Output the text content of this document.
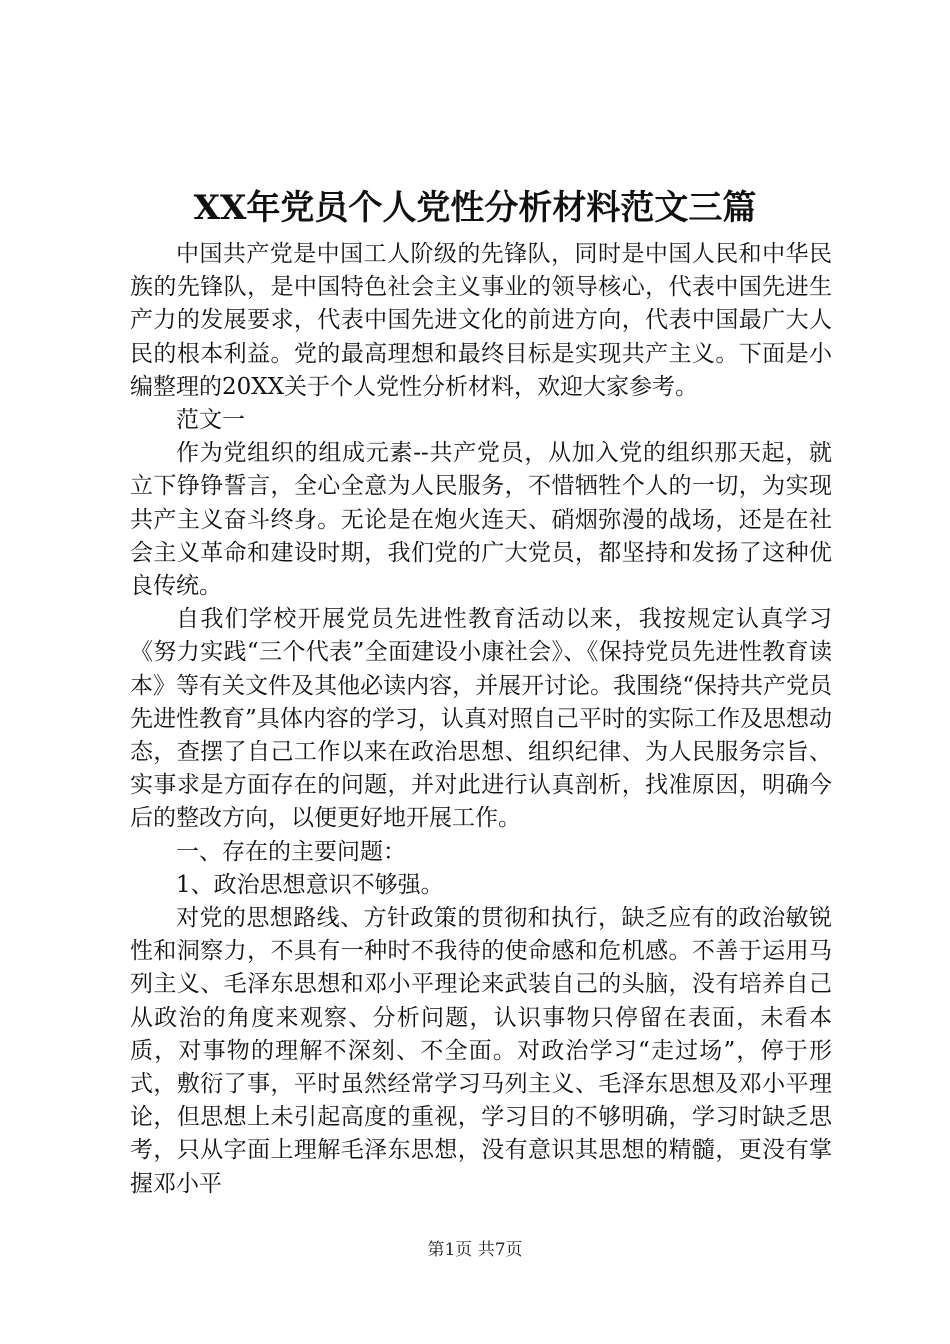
XX年党员个人党性分析材料范文三篇

中国共产党是中国工人阶级的先锋队，同时是中国人民和中华民族的先锋队，是中国特色社会主义事业的领导核心，代表中国先进生产力的发展要求，代表中国先进文化的前进方向，代表中国最广大人民的根本利益。党的最高理想和最终目标是实现共产主义。下面是小编整理的20XX关于个人党性分析材料，欢迎大家参考。

范文一

作为党组织的组成元素--共产党员，从加入党的组织那天起，就立下铮铮誓言，全心全意为人民服务，不惜牺牲个人的一切，为实现共产主义奋斗终身。无论是在炮火连天、硝烟弥漫的战场，还是在社会主义革命和建设时期，我们党的广大党员，都坚持和发扬了这种优良传统。

自我们学校开展党员先进性教育活动以来，我按规定认真学习《努力实践“三个代表”全面建设小康社会》、《保持党员先进性教育读本》等有关文件及其他必读内容，并展开讨论。我围绕“保持共产党员先进性教育”具体内容的学习，认真对照自己平时的实际工作及思想动态，查摆了自己工作以来在政治思想、组织纪律、为人民服务宗旨、实事求是方面存在的问题，并对此进行认真剖析，找准原因，明确今后的整改方向，以便更好地开展工作。

一、存在的主要问题：

1、政治思想意识不够强。

对党的思想路线、方针政策的贯彻和执行，缺乏应有的政治敏锐性和洞察力，不具有一种时不我待的使命感和危机感。不善于运用马列主义、毛泽东思想和邓小平理论来武装自己的头脑，没有培养自己从政治的角度来观察、分析问题，认识事物只停留在表面，未看本质，对事物的理解不深刻、不全面。对政治学习“走过场”，停于形式，敷衍了事，平时虽然经常学习马列主义、毛泽东思想及邓小平理论，但思想上未引起高度的重视，学习目的不够明确，学习时缺乏思考，只从字面上理解毛泽东思想，没有意识其思想的精髓，更没有掌握邓小平

第1页 共7页
